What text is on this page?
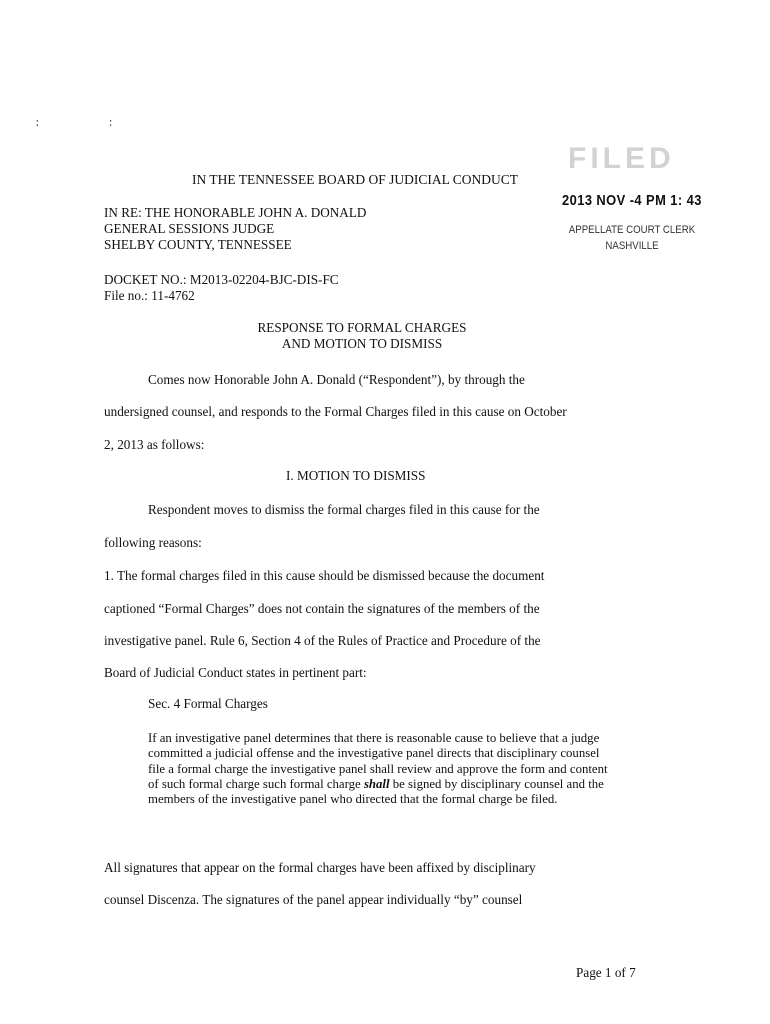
FILED
2013 NOV -4 PM 1: 43
APPELLATE COURT CLERK
NASHVILLE
: :
IN THE TENNESSEE BOARD OF JUDICIAL CONDUCT
IN RE: THE HONORABLE JOHN A. DONALD
GENERAL SESSIONS JUDGE
SHELBY COUNTY, TENNESSEE
DOCKET NO.: M2013-02204-BJC-DIS-FC
File no.: 11-4762
RESPONSE TO FORMAL CHARGES
AND MOTION TO DISMISS
Comes now Honorable John A. Donald (“Respondent”), by through the
undersigned counsel, and responds to the Formal Charges filed in this cause on October
2, 2013 as follows:
I. MOTION TO DISMISS
Respondent moves to dismiss the formal charges filed in this cause for the
following reasons:
1. The formal charges filed in this cause should be dismissed because the document
captioned “Formal Charges” does not contain the signatures of the members of the
investigative panel. Rule 6, Section 4 of the Rules of Practice and Procedure of the
Board of Judicial Conduct states in pertinent part:
Sec. 4 Formal Charges
If an investigative panel determines that there is reasonable cause to believe that a judge committed a judicial offense and the investigative panel directs that disciplinary counsel file a formal charge the investigative panel shall review and approve the form and content of such formal charge such formal charge shall be signed by disciplinary counsel and the members of the investigative panel who directed that the formal charge be filed.
All signatures that appear on the formal charges have been affixed by disciplinary
counsel Discenza. The signatures of the panel appear individually “by” counsel
Page 1 of 7
